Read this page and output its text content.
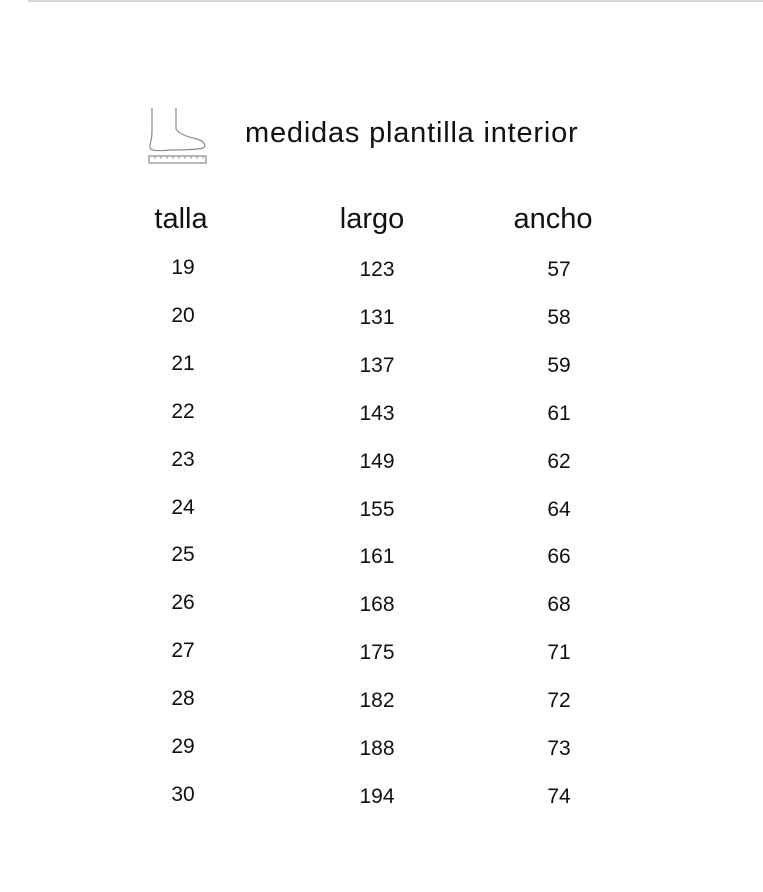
medidas plantilla interior
talla	largo	ancho
19	123	57
20	131	58
21	137	59
22	143	61
23	149	62
24	155	64
25	161	66
26	168	68
27	175	71
28	182	72
29	188	73
30	194	74
